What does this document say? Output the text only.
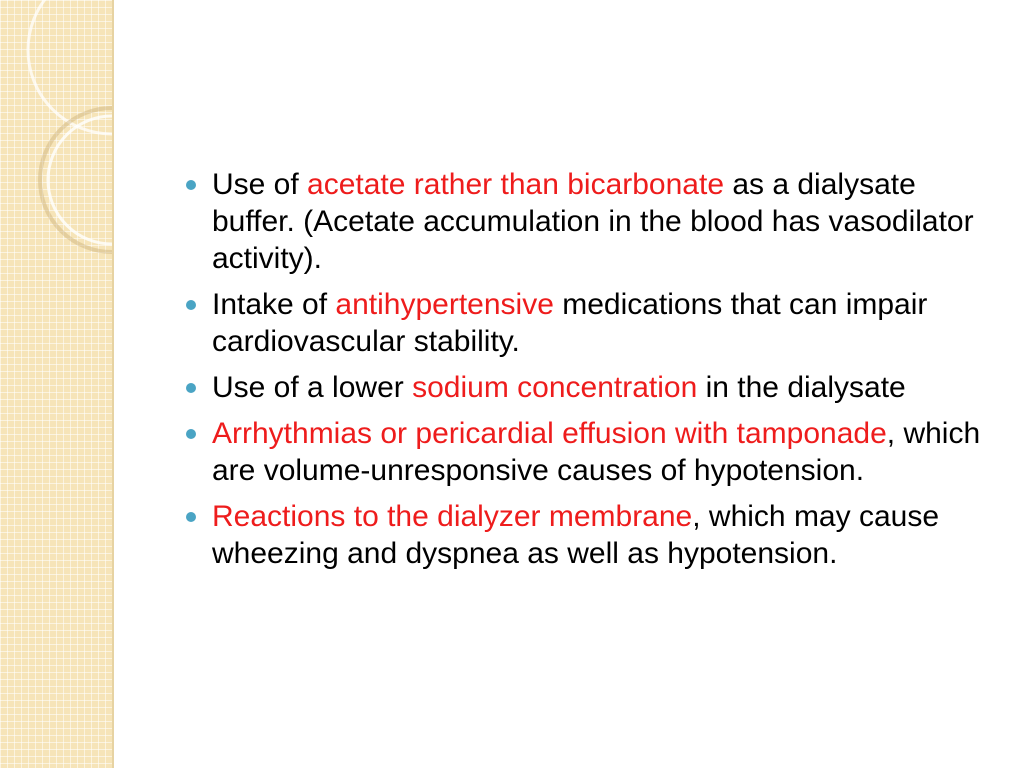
Use of acetate rather than bicarbonate as a dialysate buffer. (Acetate accumulation in the blood has vasodilator activity).
Intake of antihypertensive medications that can impair cardiovascular stability.
Use of a lower sodium concentration in the dialysate
Arrhythmias or pericardial effusion with tamponade, which are volume-unresponsive causes of hypotension.
Reactions to the dialyzer membrane, which may cause wheezing and dyspnea as well as hypotension.
